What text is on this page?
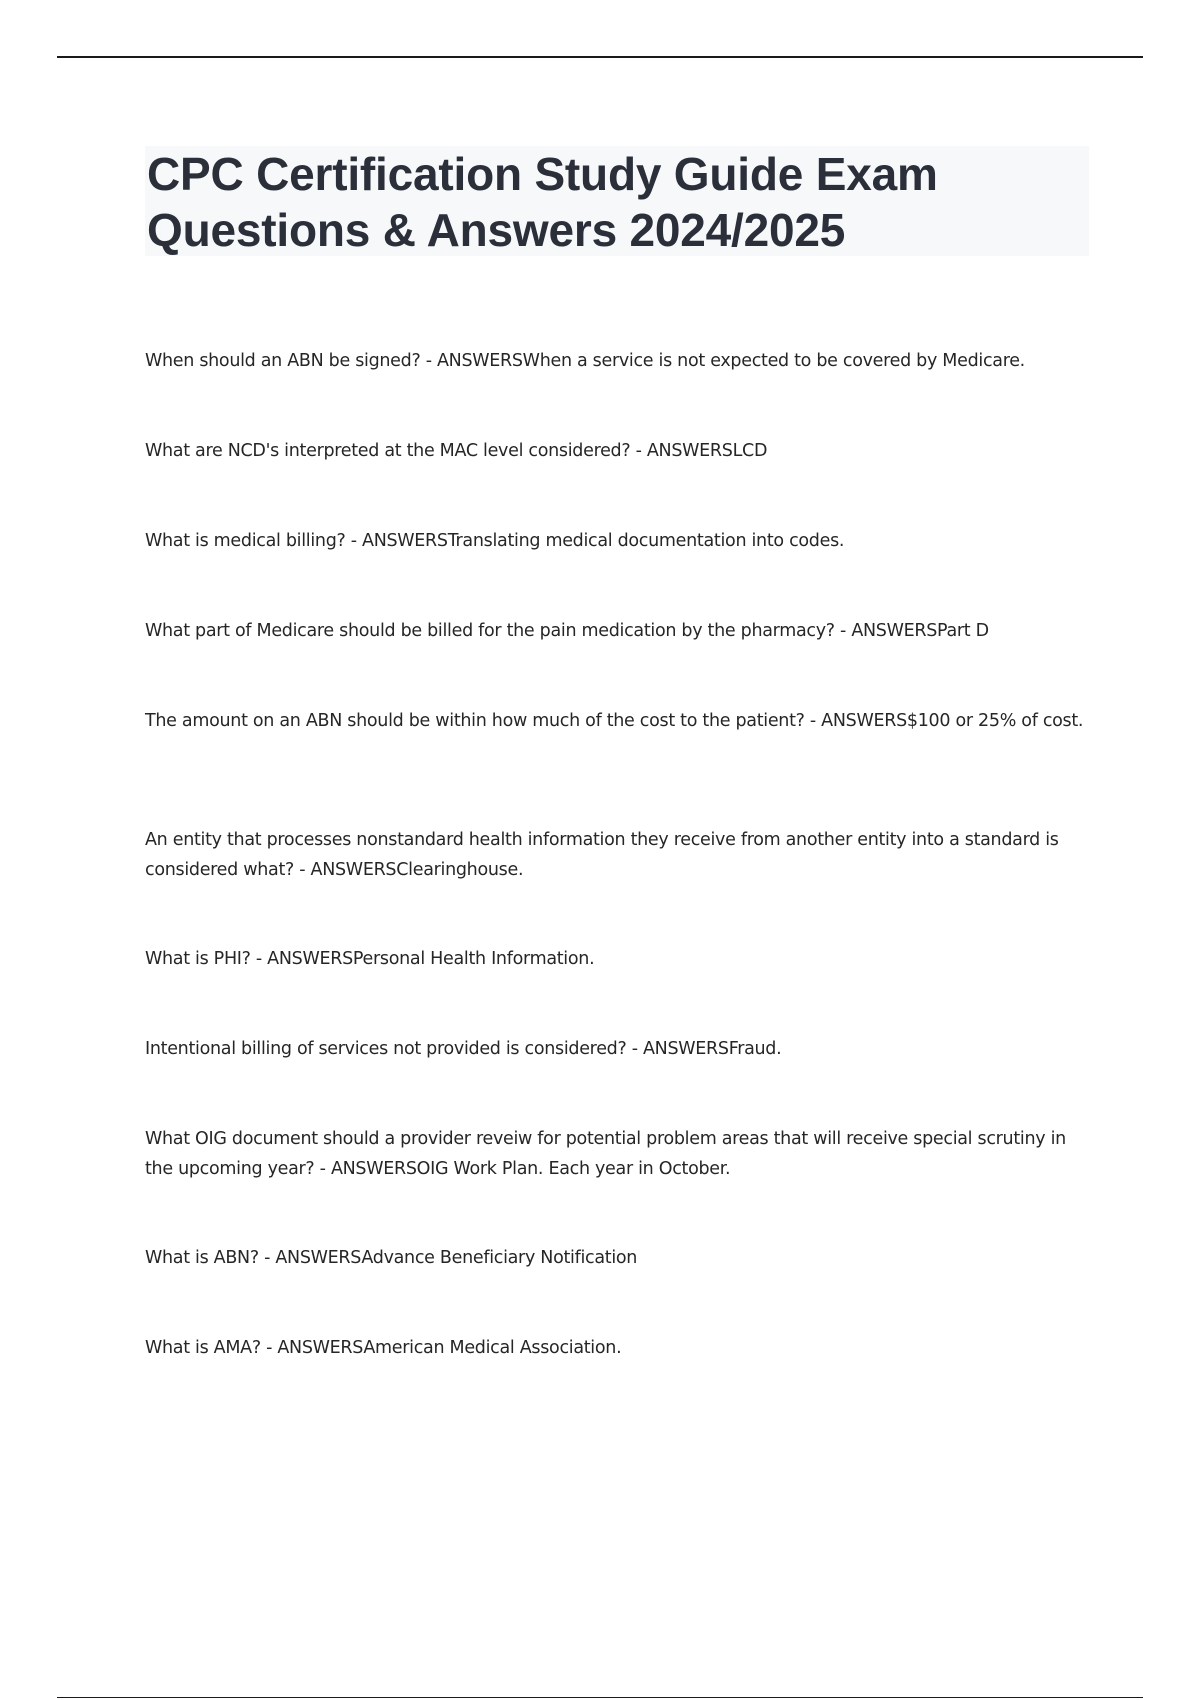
CPC Certification Study Guide Exam
Questions & Answers 2024/2025
When should an ABN be signed? - ANSWERSWhen a service is not expected to be covered by Medicare.
What are NCD's interpreted at the MAC level considered? - ANSWERSLCD
What is medical billing? - ANSWERSTranslating medical documentation into codes.
What part of Medicare should be billed for the pain medication by the pharmacy? - ANSWERSPart D
The amount on an ABN should be within how much of the cost to the patient? - ANSWERS$100 or 25% of cost.
An entity that processes nonstandard health information they receive from another entity into a standard is considered what? - ANSWERSClearinghouse.
What is PHI? - ANSWERSPersonal Health Information.
Intentional billing of services not provided is considered? - ANSWERSFraud.
What OIG document should a provider reveiw for potential problem areas that will receive special scrutiny in the upcoming year? - ANSWERSOIG Work Plan. Each year in October.
What is ABN? - ANSWERSAdvance Beneficiary Notification
What is AMA? - ANSWERSAmerican Medical Association.
